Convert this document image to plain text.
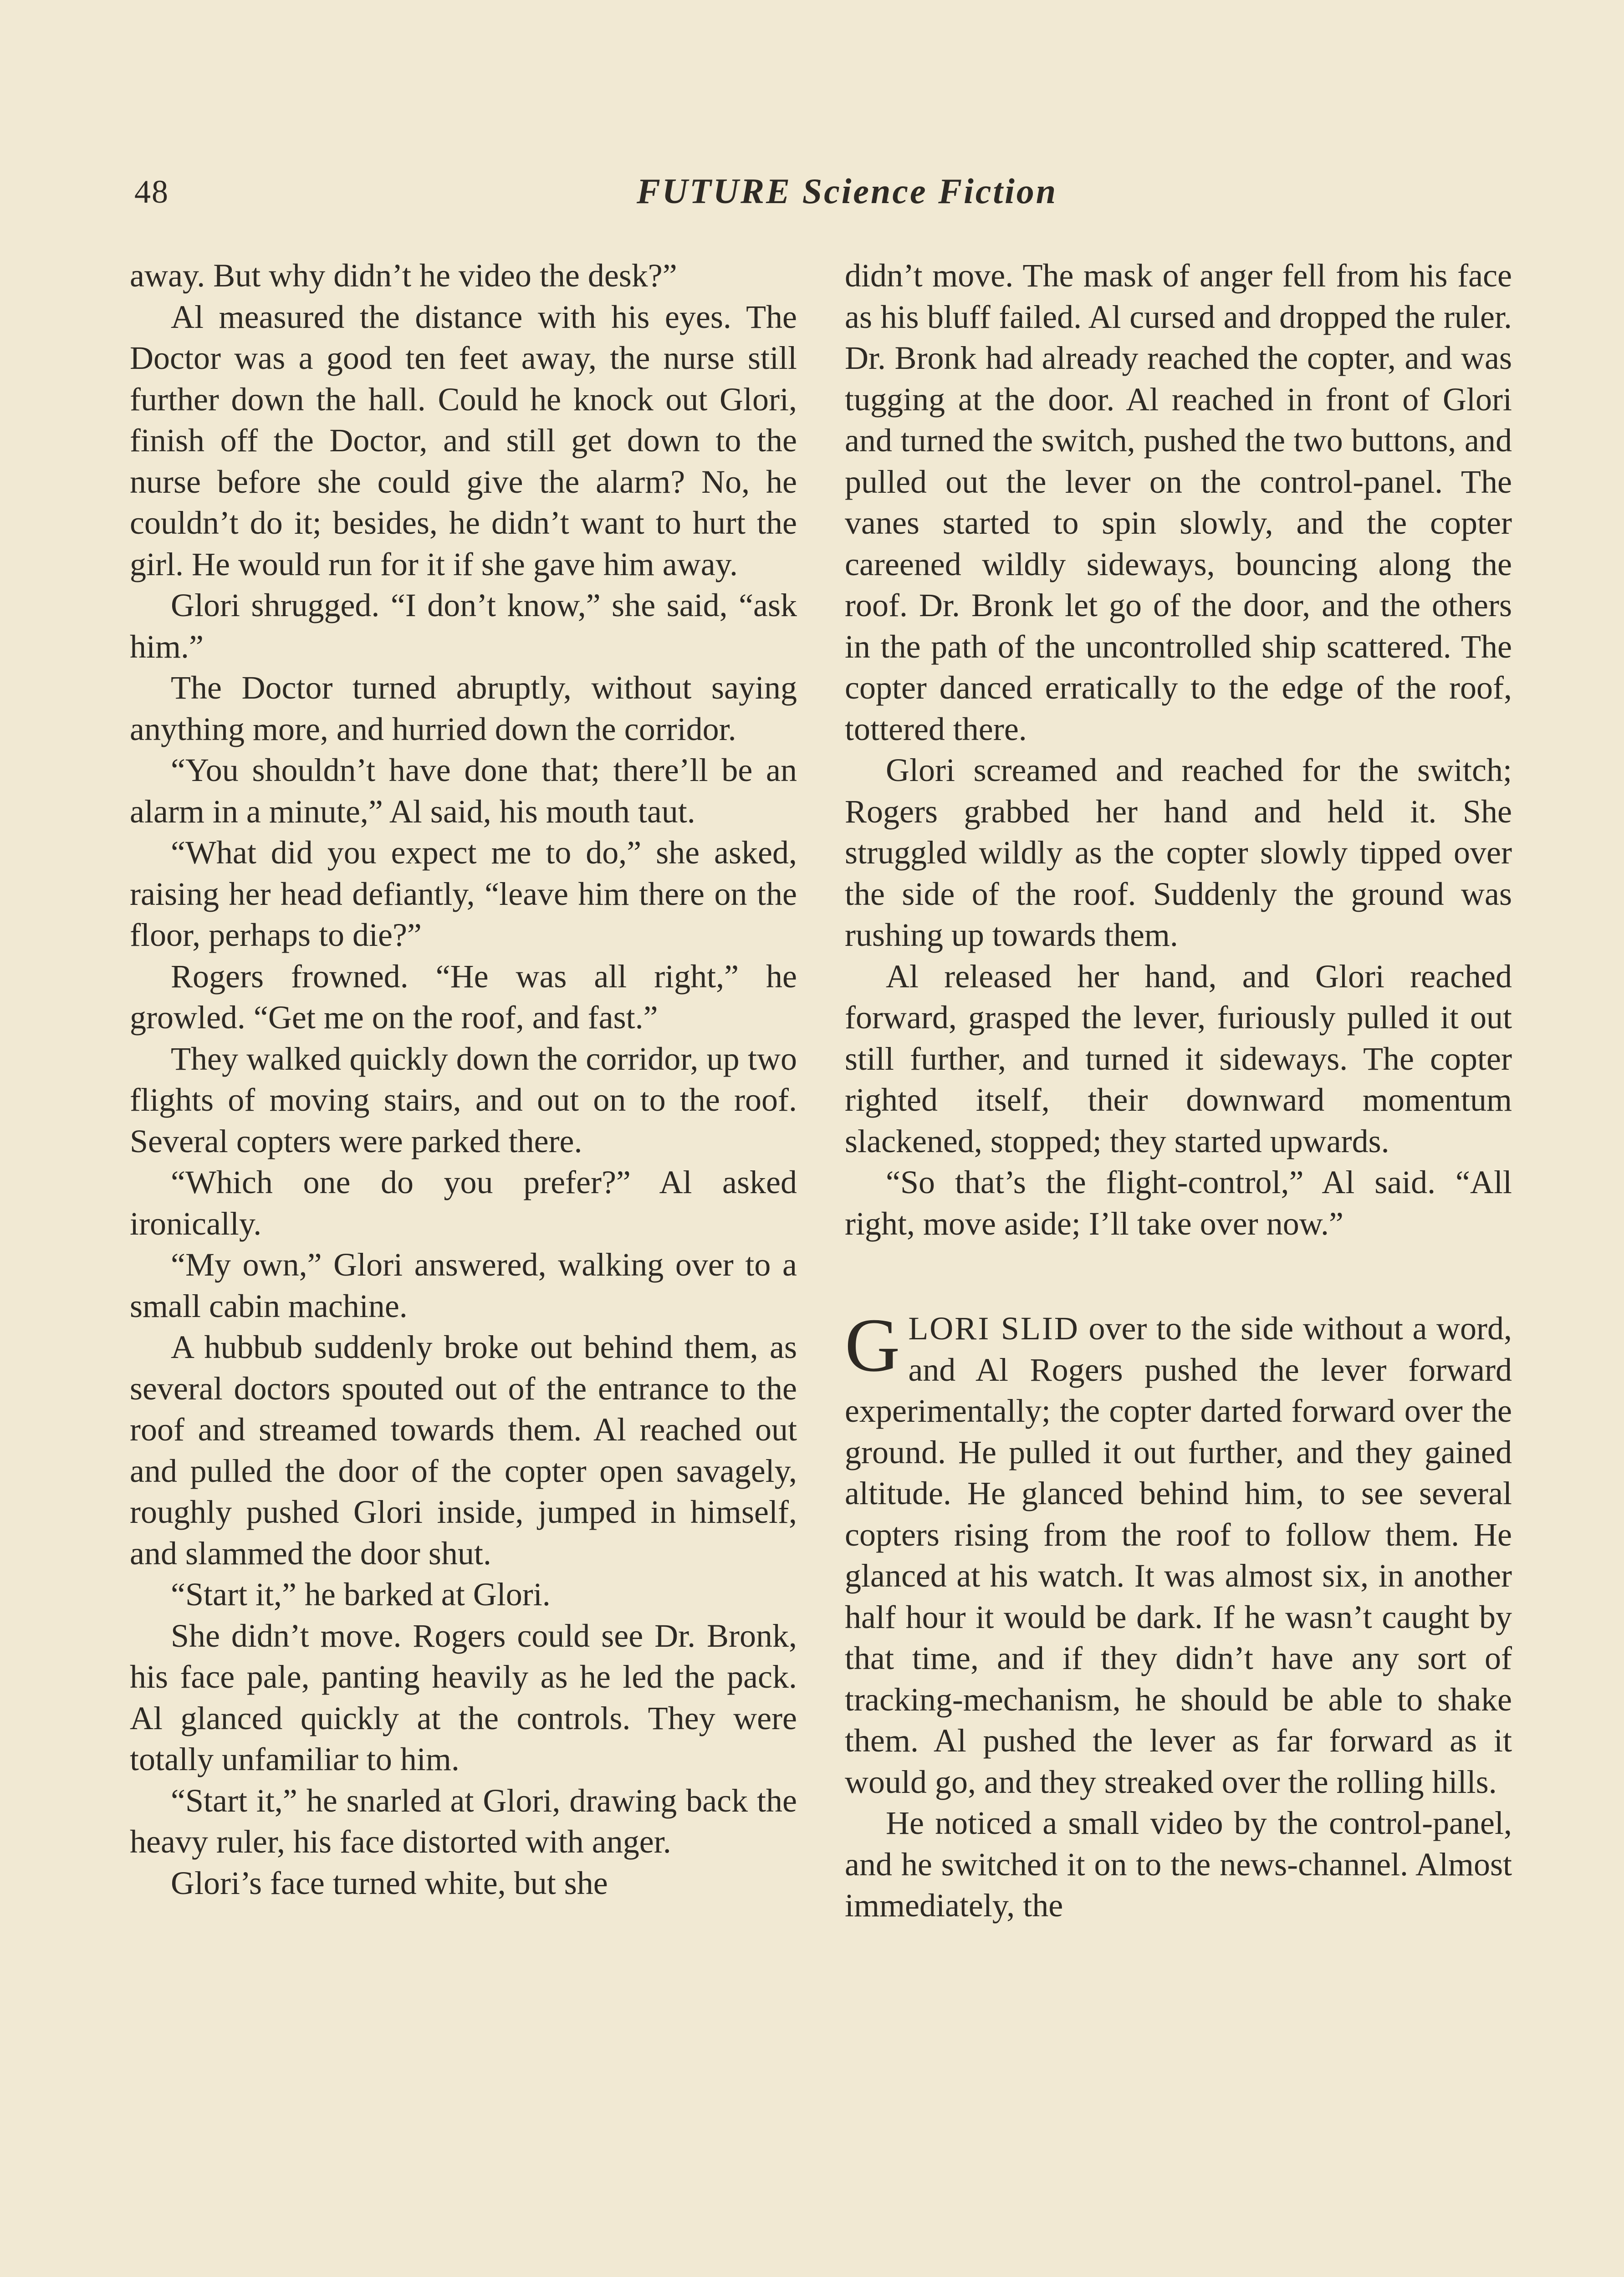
48	FUTURE Science Fiction

away. But why didn’t he video the desk?”

Al measured the distance with his eyes. The Doctor was a good ten feet away, the nurse still further down the hall. Could he knock out Glori, finish off the Doctor, and still get down to the nurse before she could give the alarm? No, he couldn’t do it; besides, he didn’t want to hurt the girl. He would run for it if she gave him away.

Glori shrugged. “I don’t know,” she said, “ask him.”

The Doctor turned abruptly, without saying anything more, and hurried down the corridor.

“You shouldn’t have done that; there’ll be an alarm in a minute,” Al said, his mouth taut.

“What did you expect me to do,” she asked, raising her head defiantly, “leave him there on the floor, perhaps to die?”

Rogers frowned. “He was all right,” he growled. “Get me on the roof, and fast.”

They walked quickly down the corridor, up two flights of moving stairs, and out on to the roof. Several copters were parked there.

“Which one do you prefer?” Al asked ironically.

“My own,” Glori answered, walking over to a small cabin machine.

A hubbub suddenly broke out behind them, as several doctors spouted out of the entrance to the roof and streamed towards them. Al reached out and pulled the door of the copter open savagely, roughly pushed Glori inside, jumped in himself, and slammed the door shut.

“Start it,” he barked at Glori.

She didn’t move. Rogers could see Dr. Bronk, his face pale, panting heavily as he led the pack. Al glanced quickly at the controls. They were totally unfamiliar to him.

“Start it,” he snarled at Glori, drawing back the heavy ruler, his face distorted with anger.

Glori’s face turned white, but she

didn’t move. The mask of anger fell from his face as his bluff failed. Al cursed and dropped the ruler. Dr. Bronk had already reached the copter, and was tugging at the door. Al reached in front of Glori and turned the switch, pushed the two buttons, and pulled out the lever on the control-panel. The vanes started to spin slowly, and the copter careened wildly sideways, bouncing along the roof. Dr. Bronk let go of the door, and the others in the path of the uncontrolled ship scattered. The copter danced erratically to the edge of the roof, tottered there.

Glori screamed and reached for the switch; Rogers grabbed her hand and held it. She struggled wildly as the copter slowly tipped over the side of the roof. Suddenly the ground was rushing up towards them.

Al released her hand, and Glori reached forward, grasped the lever, furiously pulled it out still further, and turned it sideways. The copter righted itself, their downward momentum slackened, stopped; they started upwards.

“So that’s the flight-control,” Al said. “All right, move aside; I’ll take over now.”

GLORI SLID over to the side without a word, and Al Rogers pushed the lever forward experimentally; the copter darted forward over the ground. He pulled it out further, and they gained altitude. He glanced behind him, to see several copters rising from the roof to follow them. He glanced at his watch. It was almost six, in another half hour it would be dark. If he wasn’t caught by that time, and if they didn’t have any sort of tracking-mechanism, he should be able to shake them. Al pushed the lever as far forward as it would go, and they streaked over the rolling hills.

He noticed a small video by the control-panel, and he switched it on to the news-channel. Almost immediately, the
